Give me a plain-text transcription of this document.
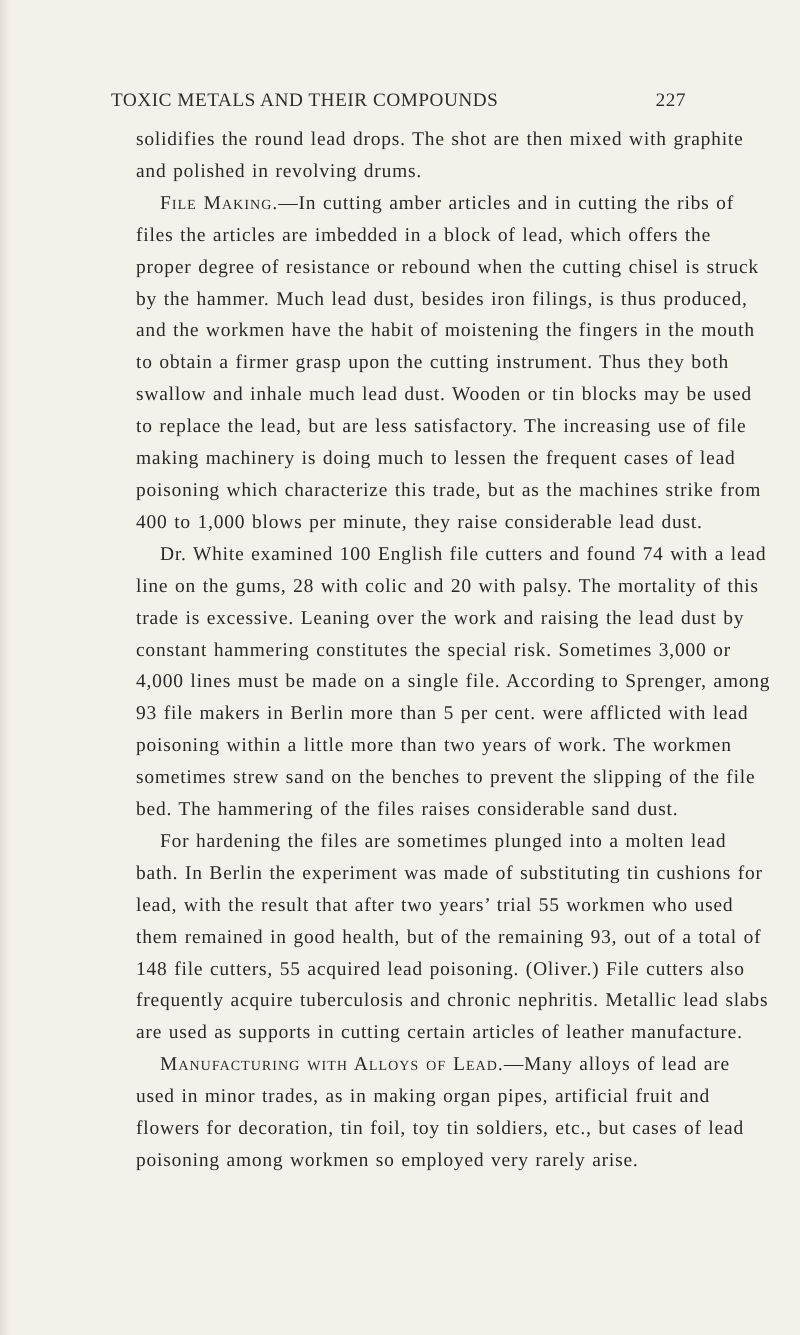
TOXIC METALS AND THEIR COMPOUNDS	227

solidifies the round lead drops. The shot are then mixed with graphite and polished in revolving drums.

File Making.—In cutting amber articles and in cutting the ribs of files the articles are imbedded in a block of lead, which offers the proper degree of resistance or rebound when the cutting chisel is struck by the hammer. Much lead dust, besides iron filings, is thus produced, and the workmen have the habit of moistening the fingers in the mouth to obtain a firmer grasp upon the cutting instrument. Thus they both swallow and inhale much lead dust. Wooden or tin blocks may be used to replace the lead, but are less satisfactory. The increasing use of file making machinery is doing much to lessen the frequent cases of lead poisoning which characterize this trade, but as the machines strike from 400 to 1,000 blows per minute, they raise considerable lead dust.

Dr. White examined 100 English file cutters and found 74 with a lead line on the gums, 28 with colic and 20 with palsy. The mortality of this trade is excessive. Leaning over the work and raising the lead dust by constant hammering constitutes the special risk. Sometimes 3,000 or 4,000 lines must be made on a single file. According to Sprenger, among 93 file makers in Berlin more than 5 per cent. were afflicted with lead poisoning within a little more than two years of work. The workmen sometimes strew sand on the benches to prevent the slipping of the file bed. The hammering of the files raises considerable sand dust.

For hardening the files are sometimes plunged into a molten lead bath. In Berlin the experiment was made of substituting tin cushions for lead, with the result that after two years’ trial 55 workmen who used them remained in good health, but of the remaining 93, out of a total of 148 file cutters, 55 acquired lead poisoning. (Oliver.) File cutters also frequently acquire tuberculosis and chronic nephritis. Metallic lead slabs are used as supports in cutting certain articles of leather manufacture.

Manufacturing with Alloys of Lead.—Many alloys of lead are used in minor trades, as in making organ pipes, artificial fruit and flowers for decoration, tin foil, toy tin soldiers, etc., but cases of lead poisoning among workmen so employed very rarely arise.
